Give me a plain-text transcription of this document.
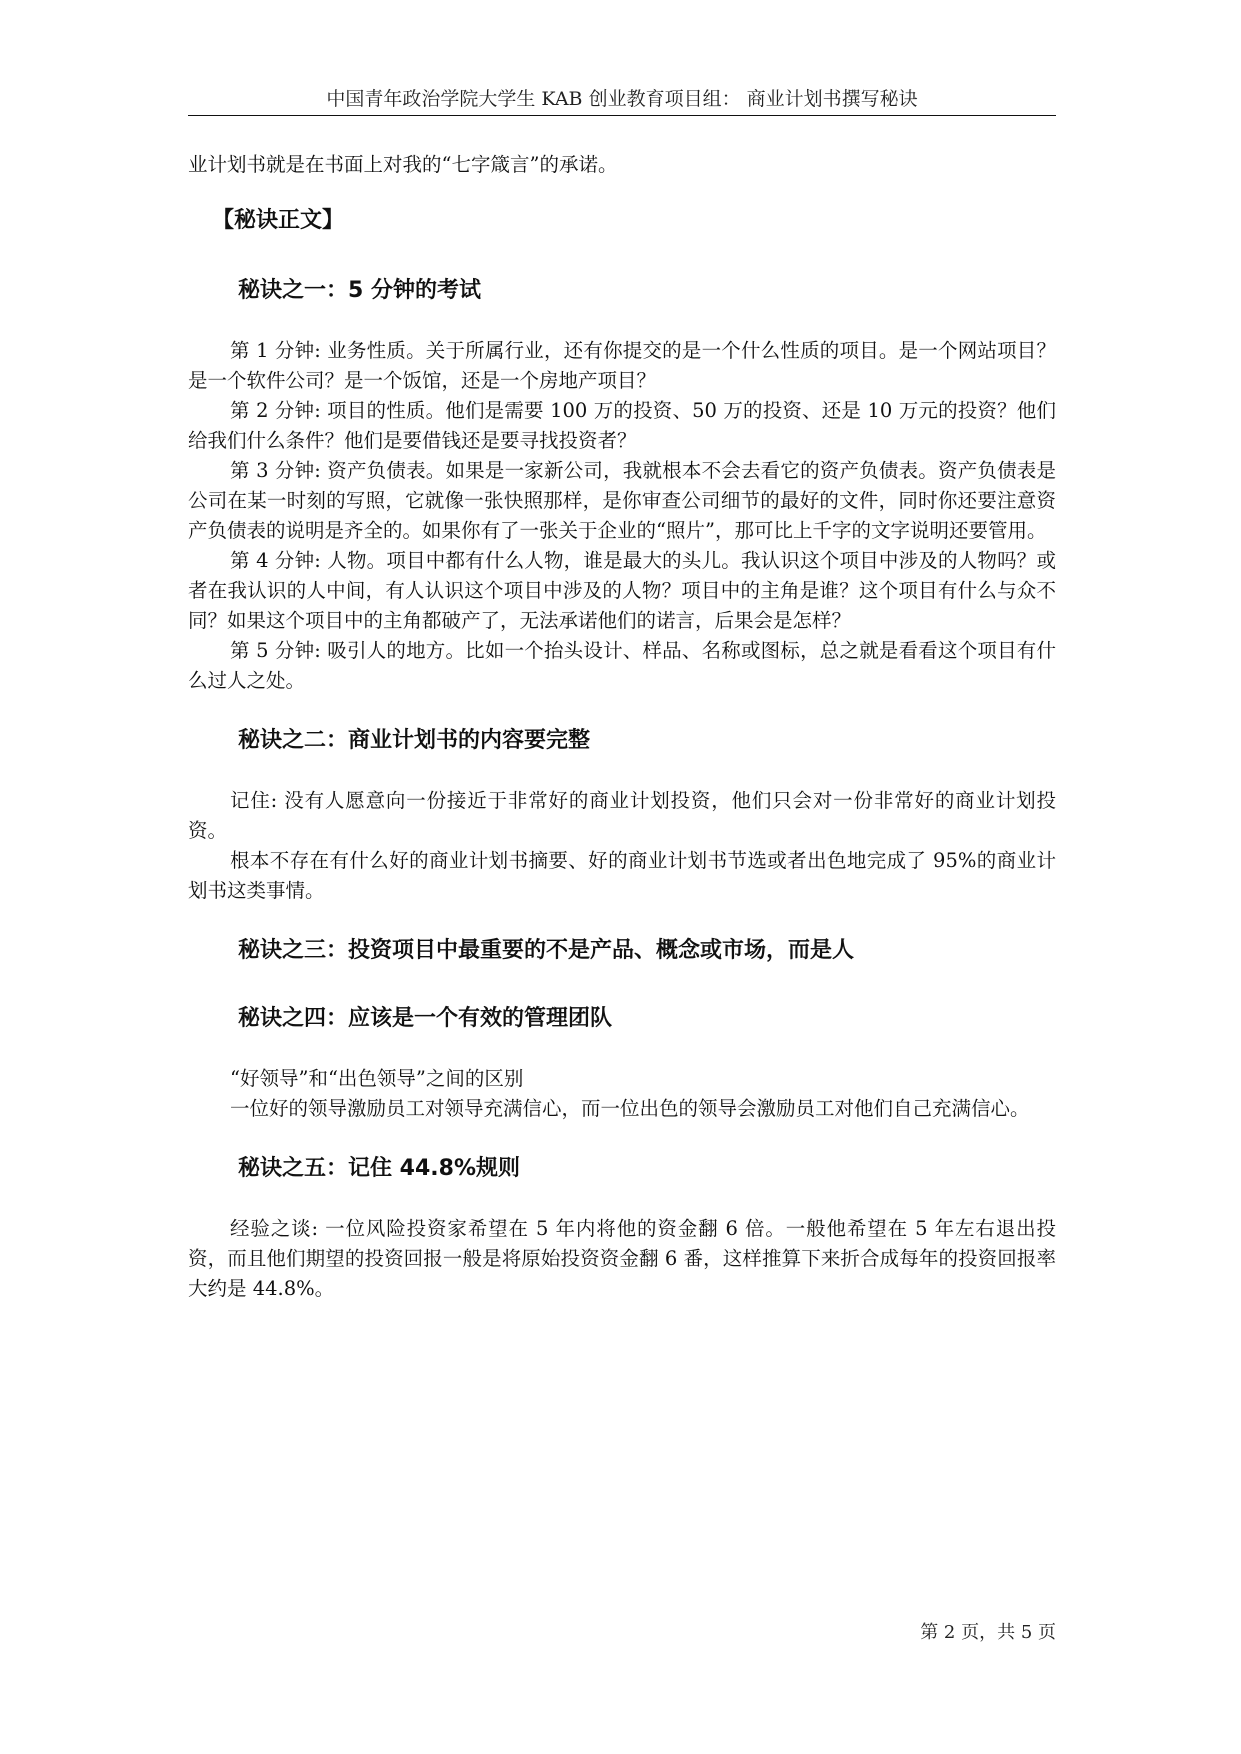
中国青年政治学院大学生 KAB 创业教育项目组： 商业计划书撰写秘诀

业计划书就是在书面上对我的“七字箴言”的承诺。

【秘诀正文】

秘诀之一：5 分钟的考试

第 1 分钟: 业务性质。关于所属行业，还有你提交的是一个什么性质的项目。是一个网站项目？是一个软件公司？是一个饭馆，还是一个房地产项目？

第 2 分钟: 项目的性质。他们是需要 100 万的投资、50 万的投资、还是 10 万元的投资？他们给我们什么条件？他们是要借钱还是要寻找投资者？

第 3 分钟: 资产负债表。如果是一家新公司，我就根本不会去看它的资产负债表。资产负债表是公司在某一时刻的写照，它就像一张快照那样，是你审查公司细节的最好的文件，同时你还要注意资产负债表的说明是齐全的。如果你有了一张关于企业的“照片”，那可比上千字的文字说明还要管用。

第 4 分钟: 人物。项目中都有什么人物，谁是最大的头儿。我认识这个项目中涉及的人物吗？或者在我认识的人中间，有人认识这个项目中涉及的人物？项目中的主角是谁？这个项目有什么与众不同？如果这个项目中的主角都破产了，无法承诺他们的诺言，后果会是怎样？

第 5 分钟: 吸引人的地方。比如一个抬头设计、样品、名称或图标，总之就是看看这个项目有什么过人之处。

秘诀之二：商业计划书的内容要完整

记住: 没有人愿意向一份接近于非常好的商业计划投资，他们只会对一份非常好的商业计划投资。

根本不存在有什么好的商业计划书摘要、好的商业计划书节选或者出色地完成了 95%的商业计划书这类事情。

秘诀之三：投资项目中最重要的不是产品、概念或市场，而是人

秘诀之四：应该是一个有效的管理团队

“好领导”和“出色领导”之间的区别

一位好的领导激励员工对领导充满信心，而一位出色的领导会激励员工对他们自己充满信心。

秘诀之五：记住 44.8%规则

经验之谈: 一位风险投资家希望在 5 年内将他的资金翻 6 倍。一般他希望在 5 年左右退出投资，而且他们期望的投资回报一般是将原始投资资金翻 6 番，这样推算下来折合成每年的投资回报率大约是 44.8%。

第 2 页，共 5 页
